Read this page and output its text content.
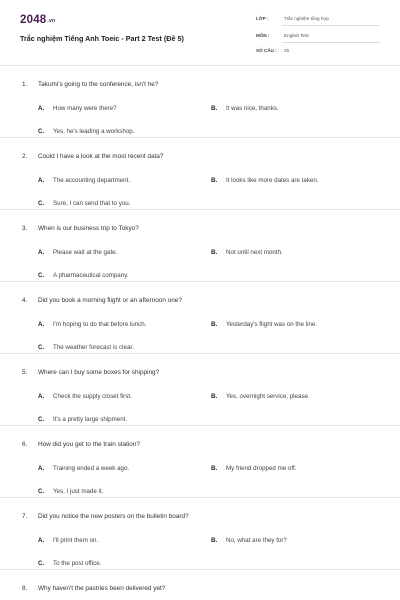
2048.vn
Trắc nghiệm Tiếng Anh Toeic - Part 2 Test (Đề 5)
LỚP :	Trắc nghiệm tổng hợp
MÔN :	English Test
SỐ CÂU : 25
1. Takumi's going to the conference, isn't he?
A. How many were there?	B. It was nice, thanks.
C. Yes, he's leading a workshop.
2. Could I have a look at the most recent data?
A. The accounting department.	B. It looks like more dates are taken.
C. Sure, I can send that to you.
3. When is our business trip to Tokyo?
A. Please wait at the gate.	B. Not until next month.
C. A pharmaceutical company.
4. Did you book a morning flight or an afternoon one?
A. I'm hoping to do that before lunch.	B. Yesterday's flight was on the line.
C. The weather forecast is clear.
5. Where can I buy some boxes for shipping?
A. Check the supply closet first.	B. Yes, overnight service, please.
C. It's a pretty large shipment.
6. How did you get to the train station?
A. Training ended a week ago.	B. My friend dropped me off.
C. Yes, I just made it.
7. Did you notice the new posters on the bulletin board?
A. I'll print them on.	B. No, what are they for?
C. To the post office.
8. Why haven't the pastries been delivered yet?
